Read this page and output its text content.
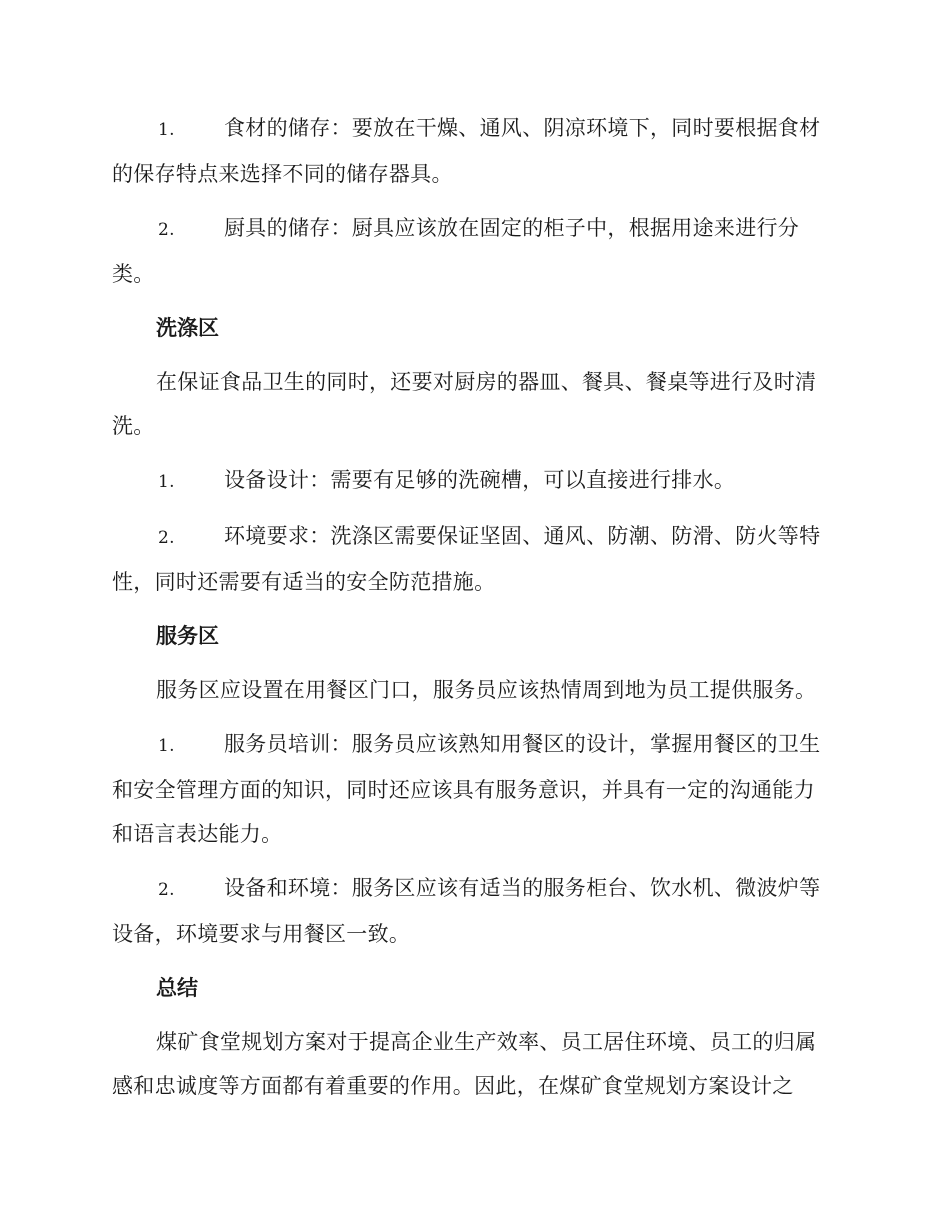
1. 食材的储存：要放在干燥、通风、阴凉环境下，同时要根据食材的保存特点来选择不同的储存器具。

2. 厨具的储存：厨具应该放在固定的柜子中，根据用途来进行分类。

洗涤区

在保证食品卫生的同时，还要对厨房的器皿、餐具、餐桌等进行及时清洗。

1. 设备设计：需要有足够的洗碗槽，可以直接进行排水。

2. 环境要求：洗涤区需要保证坚固、通风、防潮、防滑、防火等特性，同时还需要有适当的安全防范措施。

服务区

服务区应设置在用餐区门口，服务员应该热情周到地为员工提供服务。

1. 服务员培训：服务员应该熟知用餐区的设计，掌握用餐区的卫生和安全管理方面的知识，同时还应该具有服务意识，并具有一定的沟通能力和语言表达能力。

2. 设备和环境：服务区应该有适当的服务柜台、饮水机、微波炉等设备，环境要求与用餐区一致。

总结

煤矿食堂规划方案对于提高企业生产效率、员工居住环境、员工的归属感和忠诚度等方面都有着重要的作用。因此，在煤矿食堂规划方案设计之
